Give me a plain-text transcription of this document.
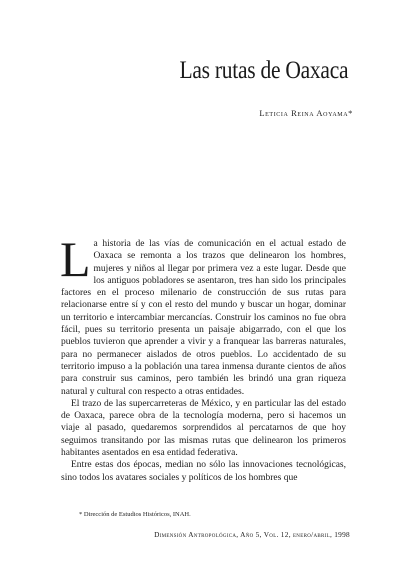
Las rutas de Oaxaca
Leticia Reina Aoyama*

La historia de las vías de comunicación en el actual estado de Oaxaca se remonta a los trazos que delinearon los hombres, mujeres y niños al llegar por primera vez a este lugar. Desde que los antiguos pobladores se asentaron, tres han sido los principales factores en el proceso milenario de construcción de sus rutas para relacionarse entre sí y con el resto del mundo y buscar un hogar, dominar un territorio e intercambiar mercancías. Construir los caminos no fue obra fácil, pues su territorio presenta un paisaje abigarrado, con el que los pueblos tuvieron que aprender a vivir y a franquear las barreras naturales, para no permanecer aislados de otros pueblos. Lo accidentado de su territorio impuso a la población una tarea inmensa durante cientos de años para construir sus caminos, pero también les brindó una gran riqueza natural y cultural con respecto a otras entidades.

El trazo de las supercarreteras de México, y en particular las del estado de Oaxaca, parece obra de la tecnología moderna, pero si hacemos un viaje al pasado, quedaremos sorprendidos al percatarnos de que hoy seguimos transitando por las mismas rutas que delinearon los primeros habitantes asentados en esa entidad federativa.

Entre estas dos épocas, median no sólo las innovaciones tecnológicas, sino todos los avatares sociales y políticos de los hombres que

* Dirección de Estudios Históricos, INAH.
Dimensión Antropológica, Año 5, Vol. 12, enero/abril, 1998
